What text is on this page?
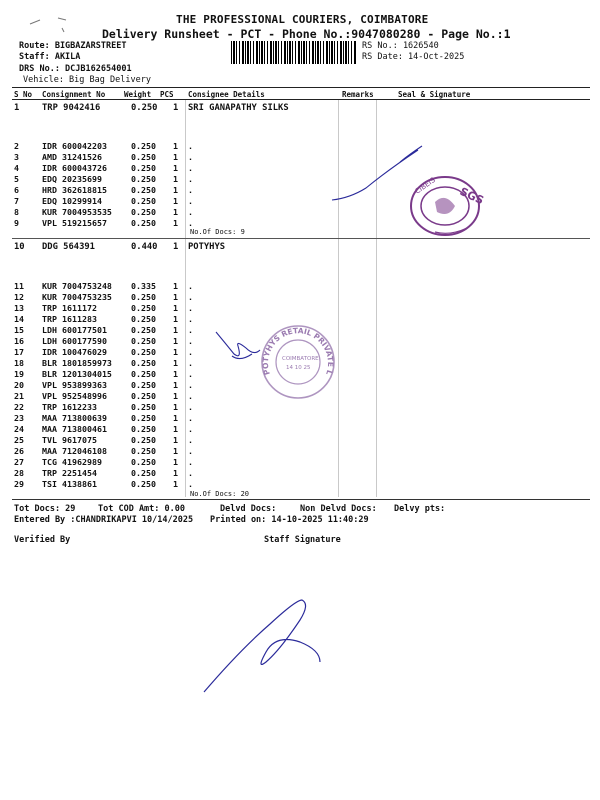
THE PROFESSIONAL COURIERS, COIMBATORE
Delivery Runsheet - PCT - Phone No.:9047080280 - Page No.:1
Route: BIGBAZARSTREET
Staff: AKILA
DRS No.: DCJB162654001
Vehicle: Big Bag Delivery
RS No.: 1626540
RS Date: 14-Oct-2025
S No Consignment No	Weight PCS Consignee Details	Remarks	Seal & Signature
1	TRP 9042416	0.250 1 SRI GANAPATHY SILKS
2	IDR 600042203	0.250 1 .
3	AMD 31241526	0.250 1 .
4	IDR 600043726	0.250 1 .
5	EDQ 20235699	0.250 1 .
6	HRD 362618815	0.250 1 .
7	EDQ 10299914	0.250 1 .
8	KUR 7004953535 0.250 1 .
9	VPL 519215657	0.250 1 .
No.Of Docs: 9
10 DDG 564391	0.440 1 POTYHYS
11 KUR 7004753248 0.335 1 .
12 KUR 7004753235 0.250 1 .
13 TRP 1611172	0.250 1 .
14 TRP 1611283	0.250 1 .
15 LDH 600177501	0.250 1 .
16 LDH 600177590	0.250 1 .
17 IDR 100476029	0.250 1 .
18 BLR 1801859973 0.250 1 .
19 BLR 1201304015 0.250 1 .
20 VPL 953899363	0.250 1 .
21 VPL 952548996	0.250 1 .
22 TRP 1612233	0.250 1 .
23 MAA 713800639	0.250 1 .
24 MAA 713800461	0.250 1 .
25 TVL 9617075	0.250 1 .
26 MAA 712046108	0.250 1 .
27 TCG 41962989	0.250 1 .
28 TRP 2251454	0.250 1 .
29 TSI 4138861	0.250 1 .
No.Of Docs: 20
Tot Docs: 29	Tot COD Amt: 0.00	Delvd Docs:	Non Delvd Docs: Delvy pts:
Entered By :CHANDRIKAPVI 10/14/2025 Printed on: 14-10-2025 11:40:29
Verified By	Staff Signature
SGS
CIBEIS
POTYHYS RETAIL PRIVATE LIMITED
COIMBATORE
14 10 25
